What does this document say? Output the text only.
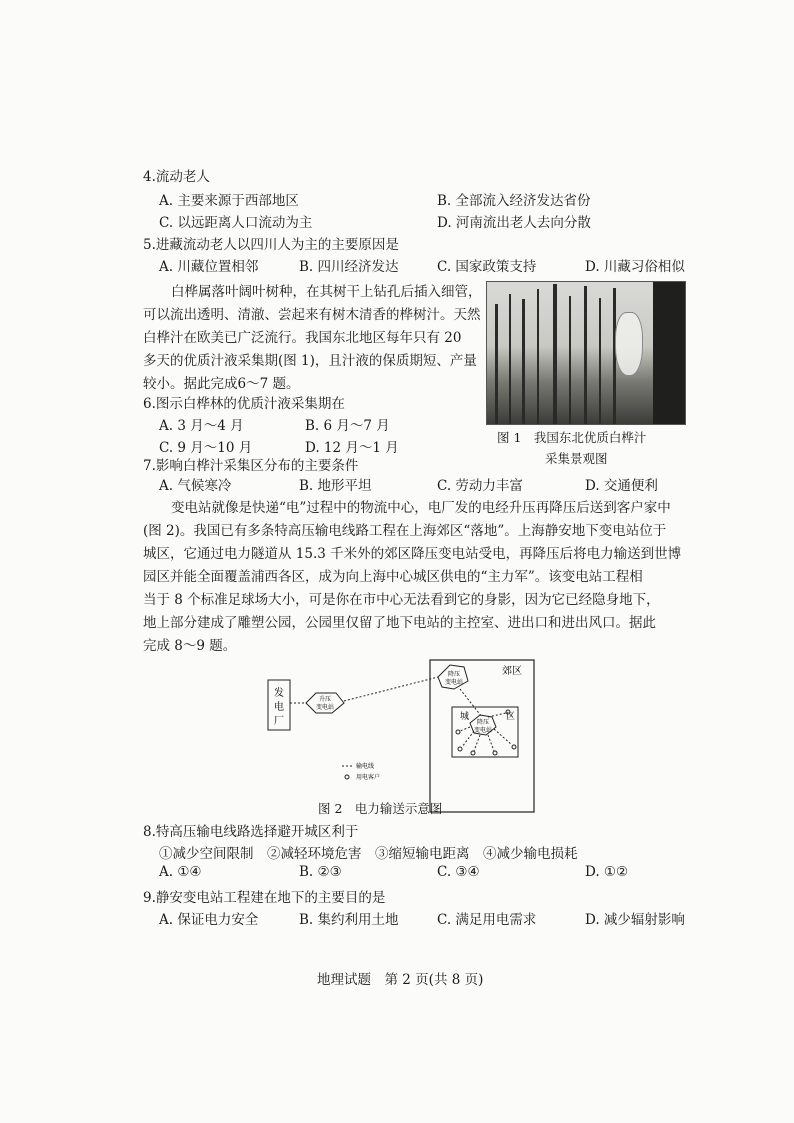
4.流动老人
A. 主要来源于西部地区	B. 全部流入经济发达省份
C. 以远距离人口流动为主	D. 河南流出老人去向分散
5.进藏流动老人以四川人为主的主要原因是
A. 川藏位置相邻	B. 四川经济发达	C. 国家政策支持	D. 川藏习俗相似
白桦属落叶阔叶树种，在其树干上钻孔后插入细管，
可以流出透明、清澈、尝起来有树木清香的桦树汁。天然
白桦汁在欧美已广泛流行。我国东北地区每年只有 20
多天的优质汁液采集期(图 1)，且汁液的保质期短、产量
较小。据此完成6～7 题。
图 1　我国东北优质白桦汁
采集景观图
6.图示白桦林的优质汁液采集期在
A. 3 月～4 月	B. 6 月～7 月
C. 9 月～10 月	D. 12 月～1 月
7.影响白桦汁采集区分布的主要条件
A. 气候寒冷	B. 地形平坦	C. 劳动力丰富	D. 交通便利
变电站就像是快递“电”过程中的物流中心，电厂发的电经升压再降压后送到客户家中
(图 2)。我国已有多条特高压输电线路工程在上海郊区“落地”。上海静安地下变电站位于
城区，它通过电力隧道从 15.3 千米外的郊区降压变电站受电，再降压后将电力输送到世博
园区并能全面覆盖浦西各区，成为向上海中心城区供电的“主力军”。该变电站工程相
当于 8 个标准足球场大小，可是你在市中心无法看到它的身影，因为它已经隐身地下，
地上部分建成了雕塑公园，公园里仅留了地下电站的主控室、进出口和进出风口。据此
完成 8～9 题。
发
电
厂
升压
变电站
郊区
降压
变电站
城	区
降压
变电站
输电线
用电客户
图 2　电力输送示意图
8.特高压输电线路选择避开城区利于
①减少空间限制　②减轻环境危害　③缩短输电距离　④减少输电损耗
A. ①④	B. ②③	C. ③④	D. ①②
9.静安变电站工程建在地下的主要目的是
A. 保证电力安全	B. 集约利用土地	C. 满足用电需求	D. 减少辐射影响
地理试题　第 2 页(共 8 页)
